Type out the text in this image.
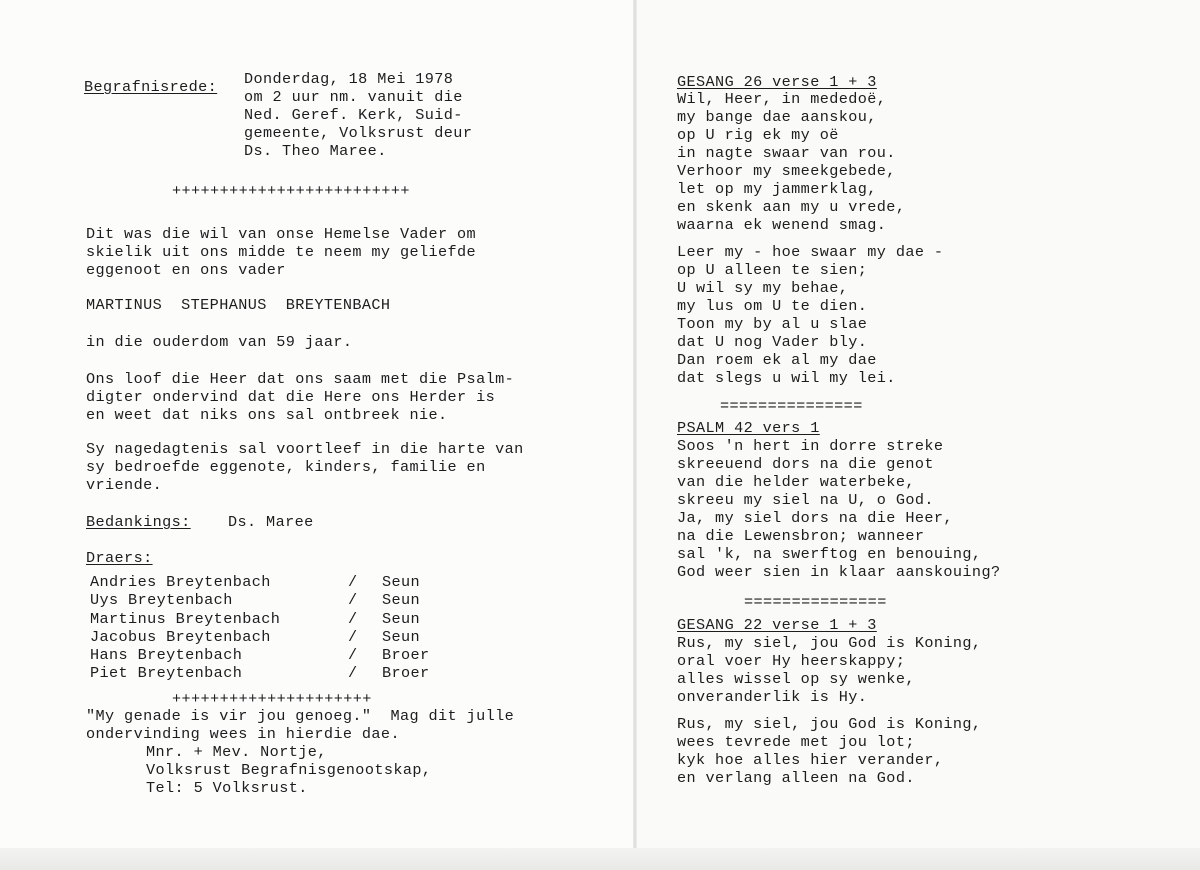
Begrafnisrede: Donderdag, 18 Mei 1978
om 2 uur nm. vanuit die
Ned. Geref. Kerk, Suid-
gemeente, Volksrust deur
Ds. Theo Maree.
+++++++++++++++++++++++++
Dit was die wil van onse Hemelse Vader om
skielik uit ons midde te neem my geliefde
eggenoot en ons vader
MARTINUS  STEPHANUS  BREYTENBACH
in die ouderdom van 59 jaar.
Ons loof die Heer dat ons saam met die Psalm-
digter ondervind dat die Here ons Herder is
en weet dat niks ons sal ontbreek nie.
Sy nagedagtenis sal voortleef in die harte van
sy bedroefde eggenote, kinders, familie en
vriende.
Bedankings: Ds. Maree
Draers:
Andries Breytenbach	/ Seun
Uys Breytenbach	/ Seun
Martinus Breytenbach	/ Seun
Jacobus Breytenbach	/ Seun
Hans Breytenbach	/ Broer
Piet Breytenbach	/ Broer
+++++++++++++++++++++
"My genade is vir jou genoeg."  Mag dit julle
ondervinding wees in hierdie dae.
Mnr. + Mev. Nortje,
Volksrust Begrafnisgenootskap,
Tel: 5 Volksrust.
GESANG 26 verse 1 + 3
Wil, Heer, in mededoë,
my bange dae aanskou,
op U rig ek my oë
in nagte swaar van rou.
Verhoor my smeekgebede,
let op my jammerklag,
en skenk aan my u vrede,
waarna ek wenend smag.
Leer my - hoe swaar my dae -
op U alleen te sien;
U wil sy my behae,
my lus om U te dien.
Toon my by al u slae
dat U nog Vader bly.
Dan roem ek al my dae
dat slegs u wil my lei.
===============
PSALM 42 vers 1
Soos 'n hert in dorre streke
skreeuend dors na die genot
van die helder waterbeke,
skreeu my siel na U, o God.
Ja, my siel dors na die Heer,
na die Lewensbron; wanneer
sal 'k, na swerftog en benouing,
God weer sien in klaar aanskouing?
===============
GESANG 22 verse 1 + 3
Rus, my siel, jou God is Koning,
oral voer Hy heerskappy;
alles wissel op sy wenke,
onveranderlik is Hy.
Rus, my siel, jou God is Koning,
wees tevrede met jou lot;
kyk hoe alles hier verander,
en verlang alleen na God.
